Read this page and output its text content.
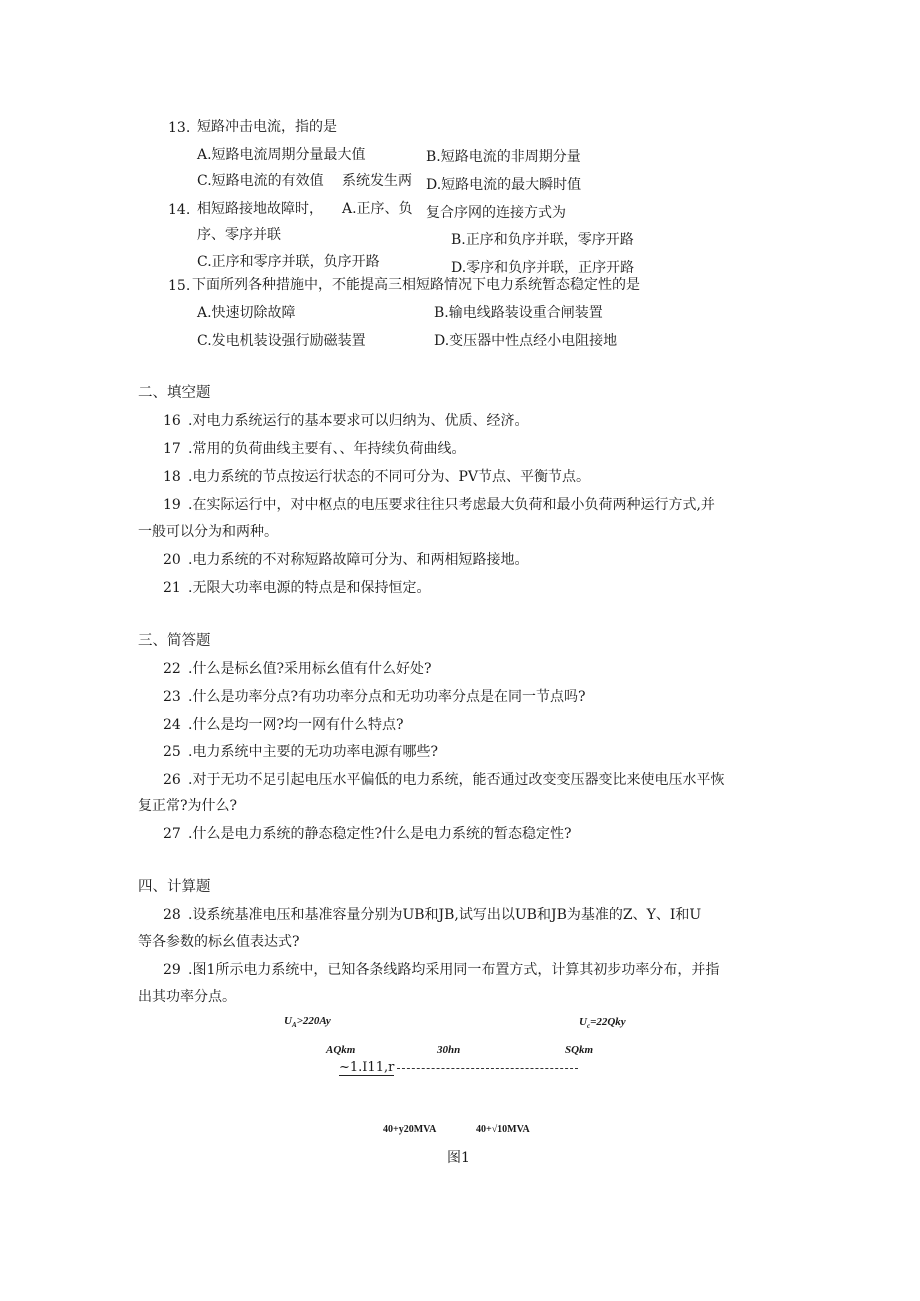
13. 短路冲击电流，指的是
A.短路电流周期分量最大值	B.短路电流的非周期分量
C.短路电流的有效值	D.短路电流的最大瞬时值
系统发生两
14. 相短路接地故障时， A.正序、负 复合序网的连接方式为
序、零序并联	B.正序和负序并联，零序开路
C.正序和零序并联，负序开路	D.零序和负序并联，正序开路
15. 下面所列各种措施中，不能提高三相短路情况下电力系统暂态稳定性的是
A.快速切除故障	B.输电线路装设重合闸装置
C.发电机装设强行励磁装置	D.变压器中性点经小电阻接地
二、填空题
16 .对电力系统运行的基本要求可以归纳为、优质、经济。
17 .常用的负荷曲线主要有、、年持续负荷曲线。
18 .电力系统的节点按运行状态的不同可分为、PV节点、平衡节点。
19 .在实际运行中，对中枢点的电压要求往往只考虑最大负荷和最小负荷两种运行方式,并
一般可以分为和两种。
20 .电力系统的不对称短路故障可分为、和两相短路接地。
21 .无限大功率电源的特点是和保持恒定。
三、简答题
22 .什么是标幺值?采用标幺值有什么好处?
23 .什么是功率分点?有功功率分点和无功功率分点是在同一节点吗?
24 .什么是均一网?均一网有什么特点?
25 .电力系统中主要的无功功率电源有哪些?
26 .对于无功不足引起电压水平偏低的电力系统，能否通过改变变压器变比来使电压水平恢
复正常?为什么?
27 .什么是电力系统的静态稳定性?什么是电力系统的暂态稳定性?
四、计算题
28 .设系统基准电压和基准容量分别为UB和JB,试写出以UB和JB为基准的Z、Y、I和U
等各参数的标幺值表达式?
29 .图1所示电力系统中，已知各条线路均采用同一布置方式，计算其初步功率分布，并指
出其功率分点。
$U_A>220Ay$	$U_c=22Qky$
AQkm	30hn	SQkm
~1.I11,r
40+y20MVA	40+√10MVA
图1
